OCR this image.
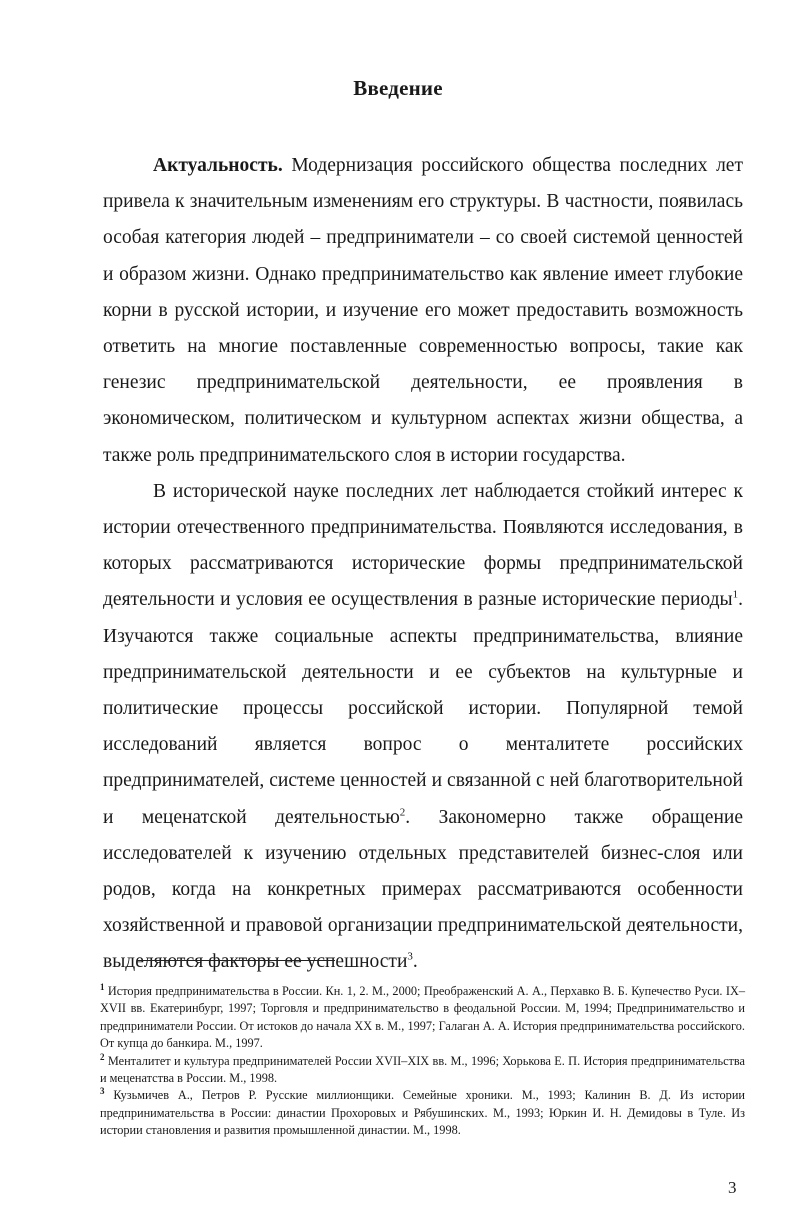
Введение

Актуальность. Модернизация российского общества последних лет привела к значительным изменениям его структуры. В частности, появилась особая категория людей – предприниматели – со своей системой ценностей и образом жизни. Однако предпринимательство как явление имеет глубокие корни в русской истории, и изучение его может предоставить возможность ответить на многие поставленные современностью вопросы, такие как генезис предпринимательской деятельности, ее проявления в экономическом, политическом и культурном аспектах жизни общества, а также роль предпринимательского слоя в истории государства.

В исторической науке последних лет наблюдается стойкий интерес к истории отечественного предпринимательства. Появляются исследования, в которых рассматриваются исторические формы предпринимательской деятельности и условия ее осуществления в разные исторические периоды$^1$. Изучаются также социальные аспекты предпринимательства, влияние предпринимательской деятельности и ее субъектов на культурные и политические процессы российской истории. Популярной темой исследований является вопрос о менталитете российских предпринимателей, системе ценностей и связанной с ней благотворительной и меценатской деятельностью$^2$. Закономерно также обращение исследователей к изучению отдельных представителей бизнес-слоя или родов, когда на конкретных примерах рассматриваются особенности хозяйственной и правовой организации предпринимательской деятельности, выделяются факторы ее успешности$^3$.

$^1$ История предпринимательства в России. Кн. 1, 2. М., 2000; Преображенский А. А., Перхавко В. Б. Купечество Руси. IX–XVII вв. Екатеринбург, 1997; Торговля и предпринимательство в феодальной России. М, 1994; Предпринимательство и предприниматели России. От истоков до начала XX в. М., 1997; Галаган А. А. История предпринимательства российского. От купца до банкира. М., 1997.

$^2$ Менталитет и культура предпринимателей России XVII–XIX вв. М., 1996; Хорькова Е. П. История предпринимательства и меценатства в России. М., 1998.

$^3$ Кузьмичев А., Петров Р. Русские миллионщики. Семейные хроники. М., 1993; Калинин В. Д. Из истории предпринимательства в России: династии Прохоровых и Рябушинских. М., 1993; Юркин И. Н. Демидовы в Туле. Из истории становления и развития промышленной династии. М., 1998.

3
